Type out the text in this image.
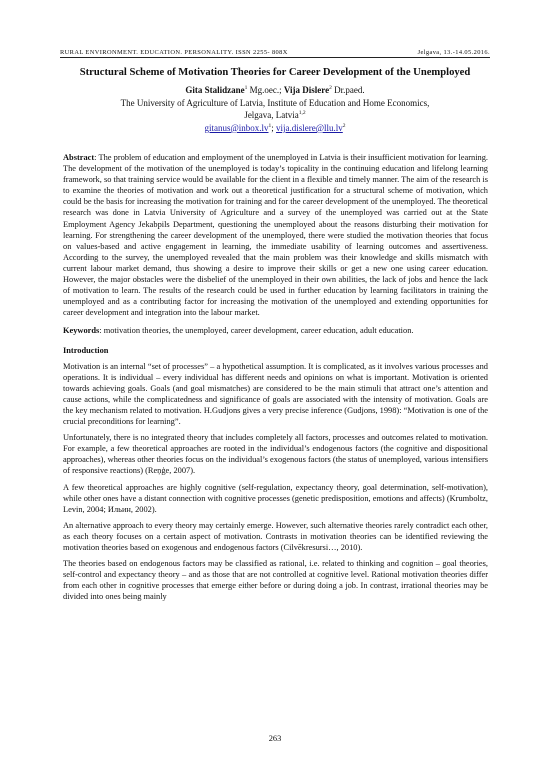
RURAL ENVIRONMENT. EDUCATION. PERSONALITY. ISSN 2255- 808X	Jelgava, 13.-14.05.2016.
Structural Scheme of Motivation Theories for Career Development of the Unemployed
Gita Stalidzane$^1$ Mg.oec.; Vija Dislere$^2$ Dr.paed.
The University of Agriculture of Latvia, Institute of Education and Home Economics,
Jelgava, Latvia$^{1,2}$
$gitanus@inbox.lv^1$; $vija.dislere@llu.lv^2$

Abstract: The problem of education and employment of the unemployed in Latvia is their insufficient motivation for learning. The development of the motivation of the unemployed is today’s topicality in the continuing education and lifelong learning framework, so that training service would be available for the client in a flexible and timely manner. The aim of the research is to examine the theories of motivation and work out a theoretical justification for a structural scheme of motivation, which could be the basis for increasing the motivation for training and for the career development of the unemployed. The theoretical research was done in Latvia University of Agriculture and a survey of the unemployed was carried out at the State Employment Agency Jekabpils Department, questioning the unemployed about the reasons disturbing their motivation for learning. For strengthening the career development of the unemployed, there were studied the motivation theories that focus on values-based and active engagement in learning, the immediate usability of learning outcomes and assertiveness. According to the survey, the unemployed revealed that the main problem was their knowledge and skills mismatch with current labour market demand, thus showing a desire to improve their skills or get a new one using career education. However, the major obstacles were the disbelief of the unemployed in their own abilities, the lack of jobs and hence the lack of motivation to learn. The results of the research could be used in further education by learning facilitators in training the unemployed and as a contributing factor for increasing the motivation of the unemployed and extending opportunities for career development and integration into the labour market.

Keywords: motivation theories, the unemployed, career development, career education, adult education.

Introduction

Motivation is an internal “set of processes” – a hypothetical assumption. It is complicated, as it involves various processes and operations. It is individual – every individual has different needs and opinions on what is important. Motivation is oriented towards achieving goals. Goals (and goal mismatches) are considered to be the main stimuli that attract one’s attention and cause actions, while the complicatedness and significance of goals are associated with the intensity of motivation. Goals are the key mechanism related to motivation. H.Gudjons gives a very precise inference (Gudjons, 1998): “Motivation is one of the crucial preconditions for learning”.

Unfortunately, there is no integrated theory that includes completely all factors, processes and outcomes related to motivation. For example, a few theoretical approaches are rooted in the individual’s endogenous factors (the cognitive and dispositional approaches), whereas other theories focus on the individual’s exogenous factors (the status of unemployed, various intensifiers of responsive reactions) (Reņģe, 2007).

A few theoretical approaches are highly cognitive (self-regulation, expectancy theory, goal determination, self-motivation), while other ones have a distant connection with cognitive processes (genetic predisposition, emotions and affects) (Krumboltz, Levin, 2004; Ильин, 2002).

An alternative approach to every theory may certainly emerge. However, such alternative theories rarely contradict each other, as each theory focuses on a certain aspect of motivation. Contrasts in motivation theories can be identified reviewing the motivation theories based on exogenous and endogenous factors (Cilvēkresursi…, 2010).

The theories based on endogenous factors may be classified as rational, i.e. related to thinking and cognition – goal theories, self-control and expectancy theory – and as those that are not controlled at cognitive level. Rational motivation theories differ from each other in cognitive processes that emerge either before or during doing a job. In contrast, irrational theories may be divided into ones being mainly

263
